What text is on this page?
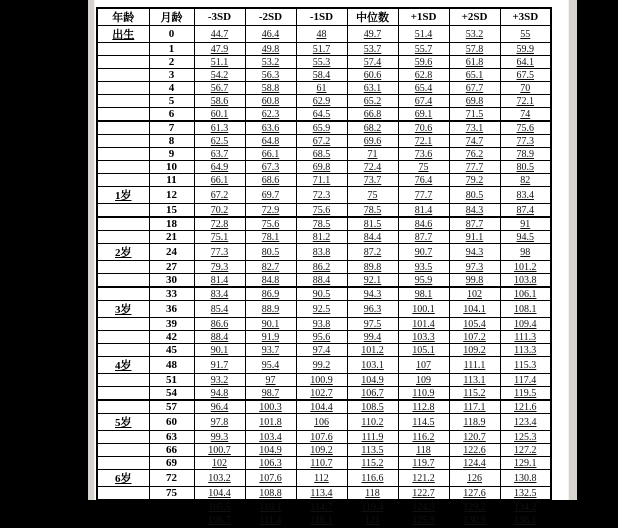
年龄	月龄	-3SD	-2SD	-1SD	中位数	+1SD	+2SD	+3SD
出生	0	44.7	46.4	48	49.7	51.4	53.2	55
	1	47.9	49.8	51.7	53.7	55.7	57.8	59.9
	2	51.1	53.2	55.3	57.4	59.6	61.8	64.1
	3	54.2	56.3	58.4	60.6	62.8	65.1	67.5
	4	56.7	58.8	61	63.1	65.4	67.7	70
	5	58.6	60.8	62.9	65.2	67.4	69.8	72.1
	6	60.1	62.3	64.5	66.8	69.1	71.5	74
	7	61.3	63.6	65.9	68.2	70.6	73.1	75.6
	8	62.5	64.8	67.2	69.6	72.1	74.7	77.3
	9	63.7	66.1	68.5	71	73.6	76.2	78.9
	10	64.9	67.3	69.8	72.4	75	77.7	80.5
	11	66.1	68.6	71.1	73.7	76.4	79.2	82
1岁	12	67.2	69.7	72.3	75	77.7	80.5	83.4
	15	70.2	72.9	75.6	78.5	81.4	84.3	87.4
	18	72.8	75.6	78.5	81.5	84.6	87.7	91
	21	75.1	78.1	81.2	84.4	87.7	91.1	94.5
2岁	24	77.3	80.5	83.8	87.2	90.7	94.3	98
	27	79.3	82.7	86.2	89.8	93.5	97.3	101.2
	30	81.4	84.8	88.4	92.1	95.9	99.8	103.8
	33	83.4	86.9	90.5	94.3	98.1	102	106.1
3岁	36	85.4	88.9	92.5	96.3	100.1	104.1	108.1
	39	86.6	90.1	93.8	97.5	101.4	105.4	109.4
	42	88.4	91.9	95.6	99.4	103.3	107.2	111.3
	45	90.1	93.7	97.4	101.2	105.1	109.2	113.3
4岁	48	91.7	95.4	99.2	103.1	107	111.1	115.3
	51	93.2	97	100.9	104.9	109	113.1	117.4
	54	94.8	98.7	102.7	106.7	110.9	115.2	119.5
	57	96.4	100.3	104.4	108.5	112.8	117.1	121.6
5岁	60	97.8	101.8	106	110.2	114.5	118.9	123.4
	63	99.3	103.4	107.6	111.9	116.2	120.7	125.3
	66	100.7	104.9	109.2	113.5	118	122.6	127.2
	69	102	106.3	110.7	115.2	119.7	124.4	129.1
6岁	72	103.2	107.6	112	116.6	121.2	126	130.8
	75	104.4	108.8	113.4	118	122.7	127.6	132.5
	78	105.5	110.1	114.7	119.4	124.3	129.2	134.2
	81	106.7	111.4	116.1	121	125.9	130.9	136.1
